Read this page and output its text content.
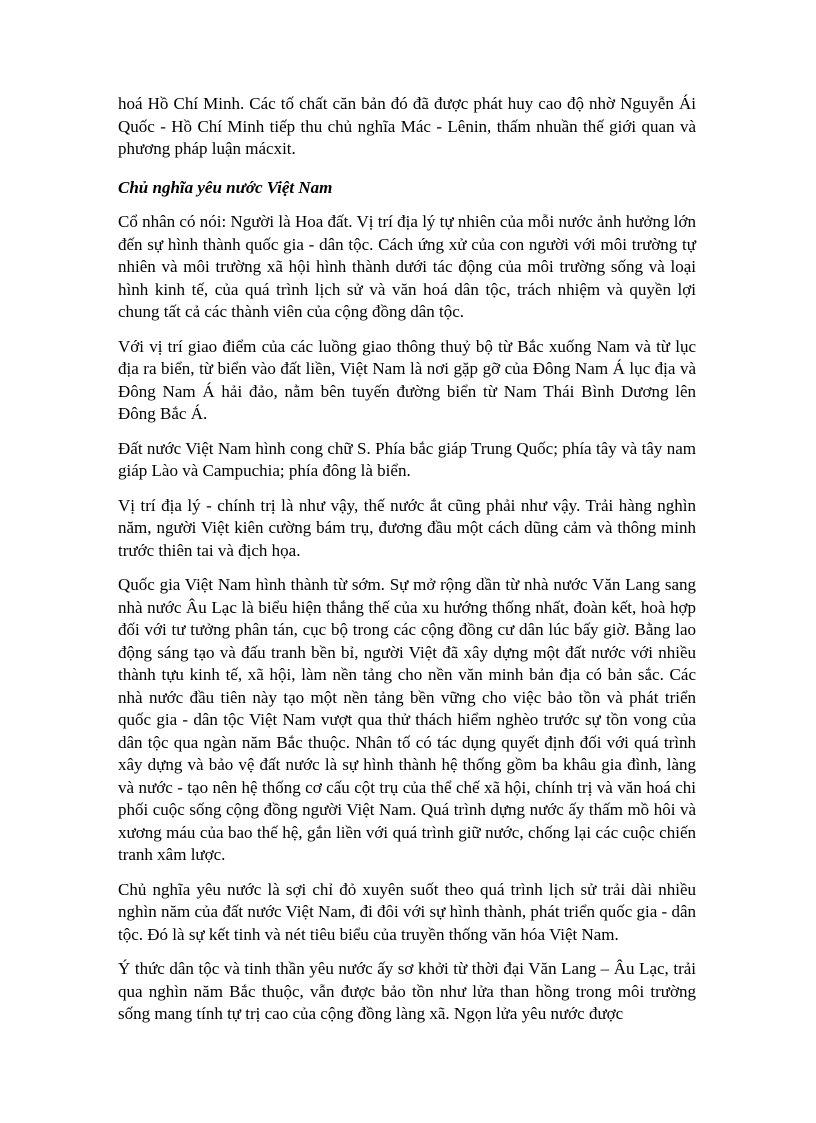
hoá Hồ Chí Minh. Các tố chất căn bản đó đã được phát huy cao độ nhờ Nguyễn Ái Quốc - Hồ Chí Minh tiếp thu chủ nghĩa Mác - Lênin, thấm nhuần thế giới quan và phương pháp luận mácxit.

Chủ nghĩa yêu nước Việt Nam

Cổ nhân có nói: Người là Hoa đất. Vị trí địa lý tự nhiên của mỗi nước ảnh hưởng lớn đến sự hình thành quốc gia - dân tộc. Cách ứng xử của con người với môi trường tự nhiên và môi trường xã hội hình thành dưới tác động của môi trường sống và loại hình kinh tế, của quá trình lịch sử và văn hoá dân tộc, trách nhiệm và quyền lợi chung tất cả các thành viên của cộng đồng dân tộc.

Với vị trí giao điểm của các luồng giao thông thuỷ bộ từ Bắc xuống Nam và từ lục địa ra biển, từ biển vào đất liền, Việt Nam là nơi gặp gỡ của Đông Nam Á lục địa và Đông Nam Á hải đảo, nằm bên tuyến đường biển từ Nam Thái Bình Dương lên Đông Bắc Á.

Đất nước Việt Nam hình cong chữ S. Phía bắc giáp Trung Quốc; phía tây và tây nam giáp Lào và Campuchia; phía đông là biển.

Vị trí địa lý - chính trị là như vậy, thế nước ắt cũng phải như vậy. Trải hàng nghìn năm, người Việt kiên cường bám trụ, đương đầu một cách dũng cảm và thông minh trước thiên tai và địch họa.

Quốc gia Việt Nam hình thành từ sớm. Sự mở rộng dần từ nhà nước Văn Lang sang nhà nước Âu Lạc là biểu hiện thắng thế của xu hướng thống nhất, đoàn kết, hoà hợp đối với tư tưởng phân tán, cục bộ trong các cộng đồng cư dân lúc bấy giờ. Bằng lao động sáng tạo và đấu tranh bền bỉ, người Việt đã xây dựng một đất nước với nhiều thành tựu kinh tế, xã hội, làm nền tảng cho nền văn minh bản địa có bản sắc. Các nhà nước đầu tiên này tạo một nền tảng bền vững cho việc bảo tồn và phát triển quốc gia - dân tộc Việt Nam vượt qua thử thách hiểm nghèo trước sự tồn vong của dân tộc qua ngàn năm Bắc thuộc. Nhân tố có tác dụng quyết định đối với quá trình xây dựng và bảo vệ đất nước là sự hình thành hệ thống gồm ba khâu gia đình, làng và nước - tạo nên hệ thống cơ cấu cột trụ của thể chế xã hội, chính trị và văn hoá chi phối cuộc sống cộng đồng người Việt Nam. Quá trình dựng nước ấy thấm mồ hôi và xương máu của bao thế hệ, gắn liền với quá trình giữ nước, chống lại các cuộc chiến tranh xâm lược.

Chủ nghĩa yêu nước là sợi chỉ đỏ xuyên suốt theo quá trình lịch sử trải dài nhiều nghìn năm của đất nước Việt Nam, đi đôi với sự hình thành, phát triển quốc gia - dân tộc. Đó là sự kết tinh và nét tiêu biểu của truyền thống văn hóa Việt Nam.

Ý thức dân tộc và tinh thần yêu nước ấy sơ khởi từ thời đại Văn Lang – Âu Lạc, trải qua nghìn năm Bắc thuộc, vẫn được bảo tồn như lửa than hồng trong môi trường sống mang tính tự trị cao của cộng đồng làng xã. Ngọn lửa yêu nước được
